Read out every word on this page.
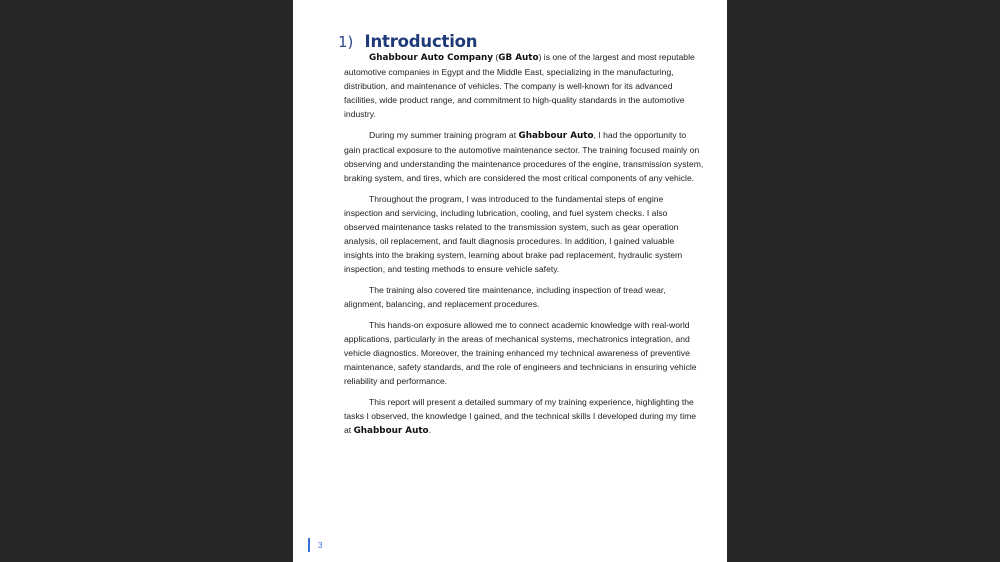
1) Introduction

Ghabbour Auto Company (GB Auto) is one of the largest and most reputable automotive companies in Egypt and the Middle East, specializing in the manufacturing, distribution, and maintenance of vehicles. The company is well-known for its advanced facilities, wide product range, and commitment to high-quality standards in the automotive industry.

During my summer training program at Ghabbour Auto, I had the opportunity to gain practical exposure to the automotive maintenance sector. The training focused mainly on observing and understanding the maintenance procedures of the engine, transmission system, braking system, and tires, which are considered the most critical components of any vehicle.

Throughout the program, I was introduced to the fundamental steps of engine inspection and servicing, including lubrication, cooling, and fuel system checks. I also observed maintenance tasks related to the transmission system, such as gear operation analysis, oil replacement, and fault diagnosis procedures. In addition, I gained valuable insights into the braking system, learning about brake pad replacement, hydraulic system inspection, and testing methods to ensure vehicle safety.

The training also covered tire maintenance, including inspection of tread wear, alignment, balancing, and replacement procedures.

This hands-on exposure allowed me to connect academic knowledge with real-world applications, particularly in the areas of mechanical systems, mechatronics integration, and vehicle diagnostics. Moreover, the training enhanced my technical awareness of preventive maintenance, safety standards, and the role of engineers and technicians in ensuring vehicle reliability and performance.

This report will present a detailed summary of my training experience, highlighting the tasks I observed, the knowledge I gained, and the technical skills I developed during my time at Ghabbour Auto.

3
